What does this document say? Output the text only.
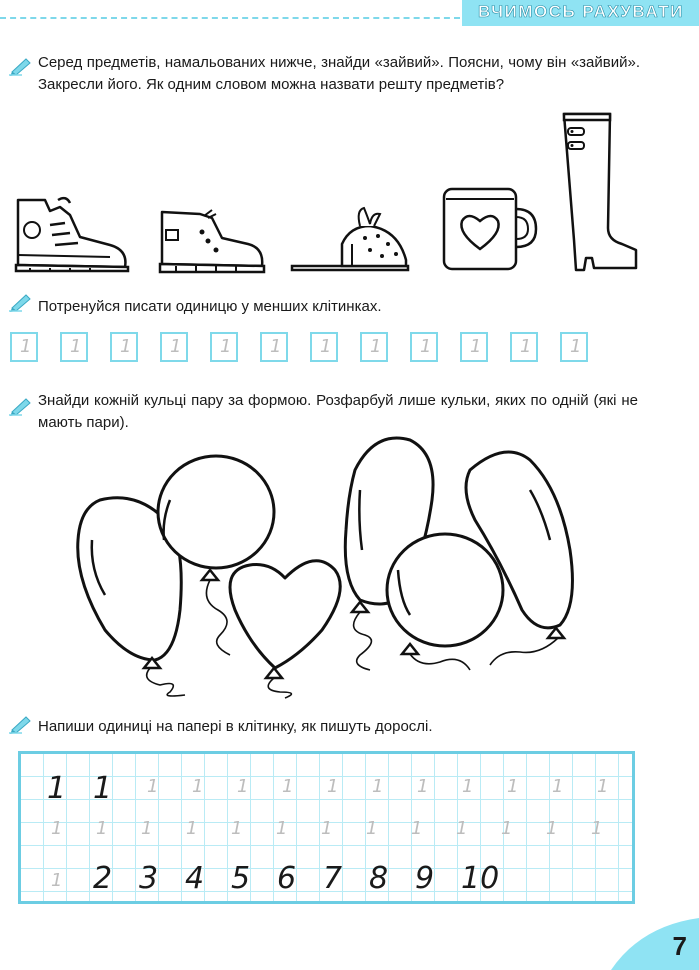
ВЧИМОСЬ РАХУВАТИ
Серед предметів, намальованих нижче, знайди «зайвий». Поясни, чому він «зайвий». Закресли його. Як одним словом можна назвати решту предметів?
Потренуйся писати одиницю у менших клітинках.
1 1 1 1 1 1 1 1 1 1 1 1
Знайди кожній кульці пару за формою. Розфарбуй лише кульки, яких по одній (які не мають пари).
Напиши одиниці на папері в клітинку, як пишуть дорослі.
1 1 1 1 1 1 1 1 1 1 1 1 1
1 1 1 1 1 1 1 1 1 1 1 1 1
1 2 3 4 5 6 7 8 9 10
7
